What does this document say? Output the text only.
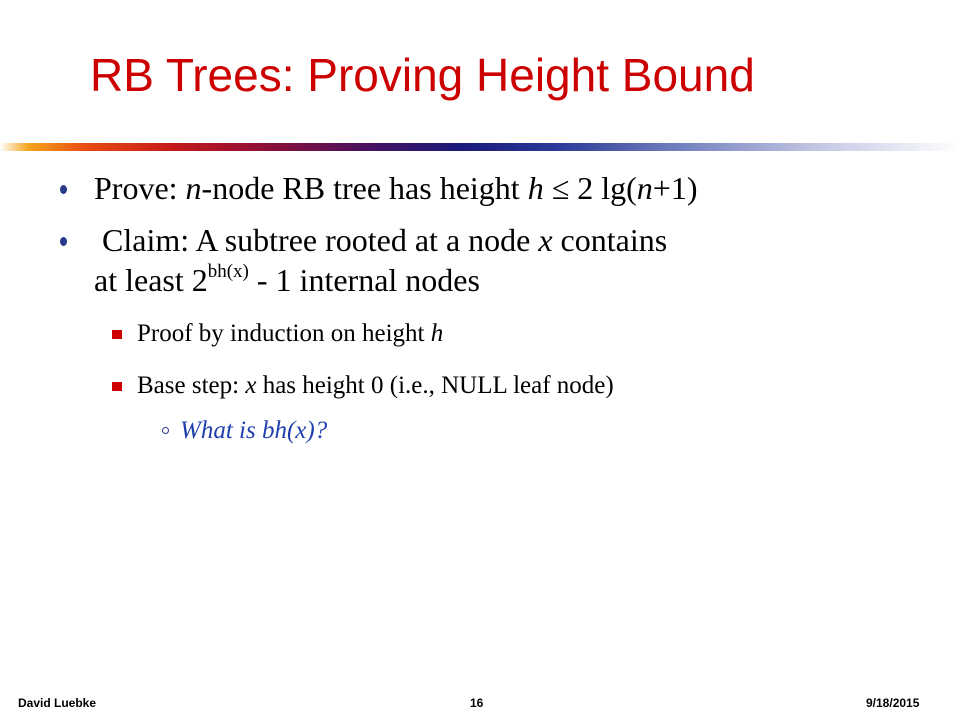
RB Trees: Proving Height Bound
Prove: n-node RB tree has height h ≤ 2 lg(n+1)
Claim: A subtree rooted at a node x contains
at least $2^{bh(x)} - 1$ internal nodes
Proof by induction on height h
Base step: x has height 0 (i.e., NULL leaf node)
What is bh(x)?
David Luebke	16	9/18/2015
